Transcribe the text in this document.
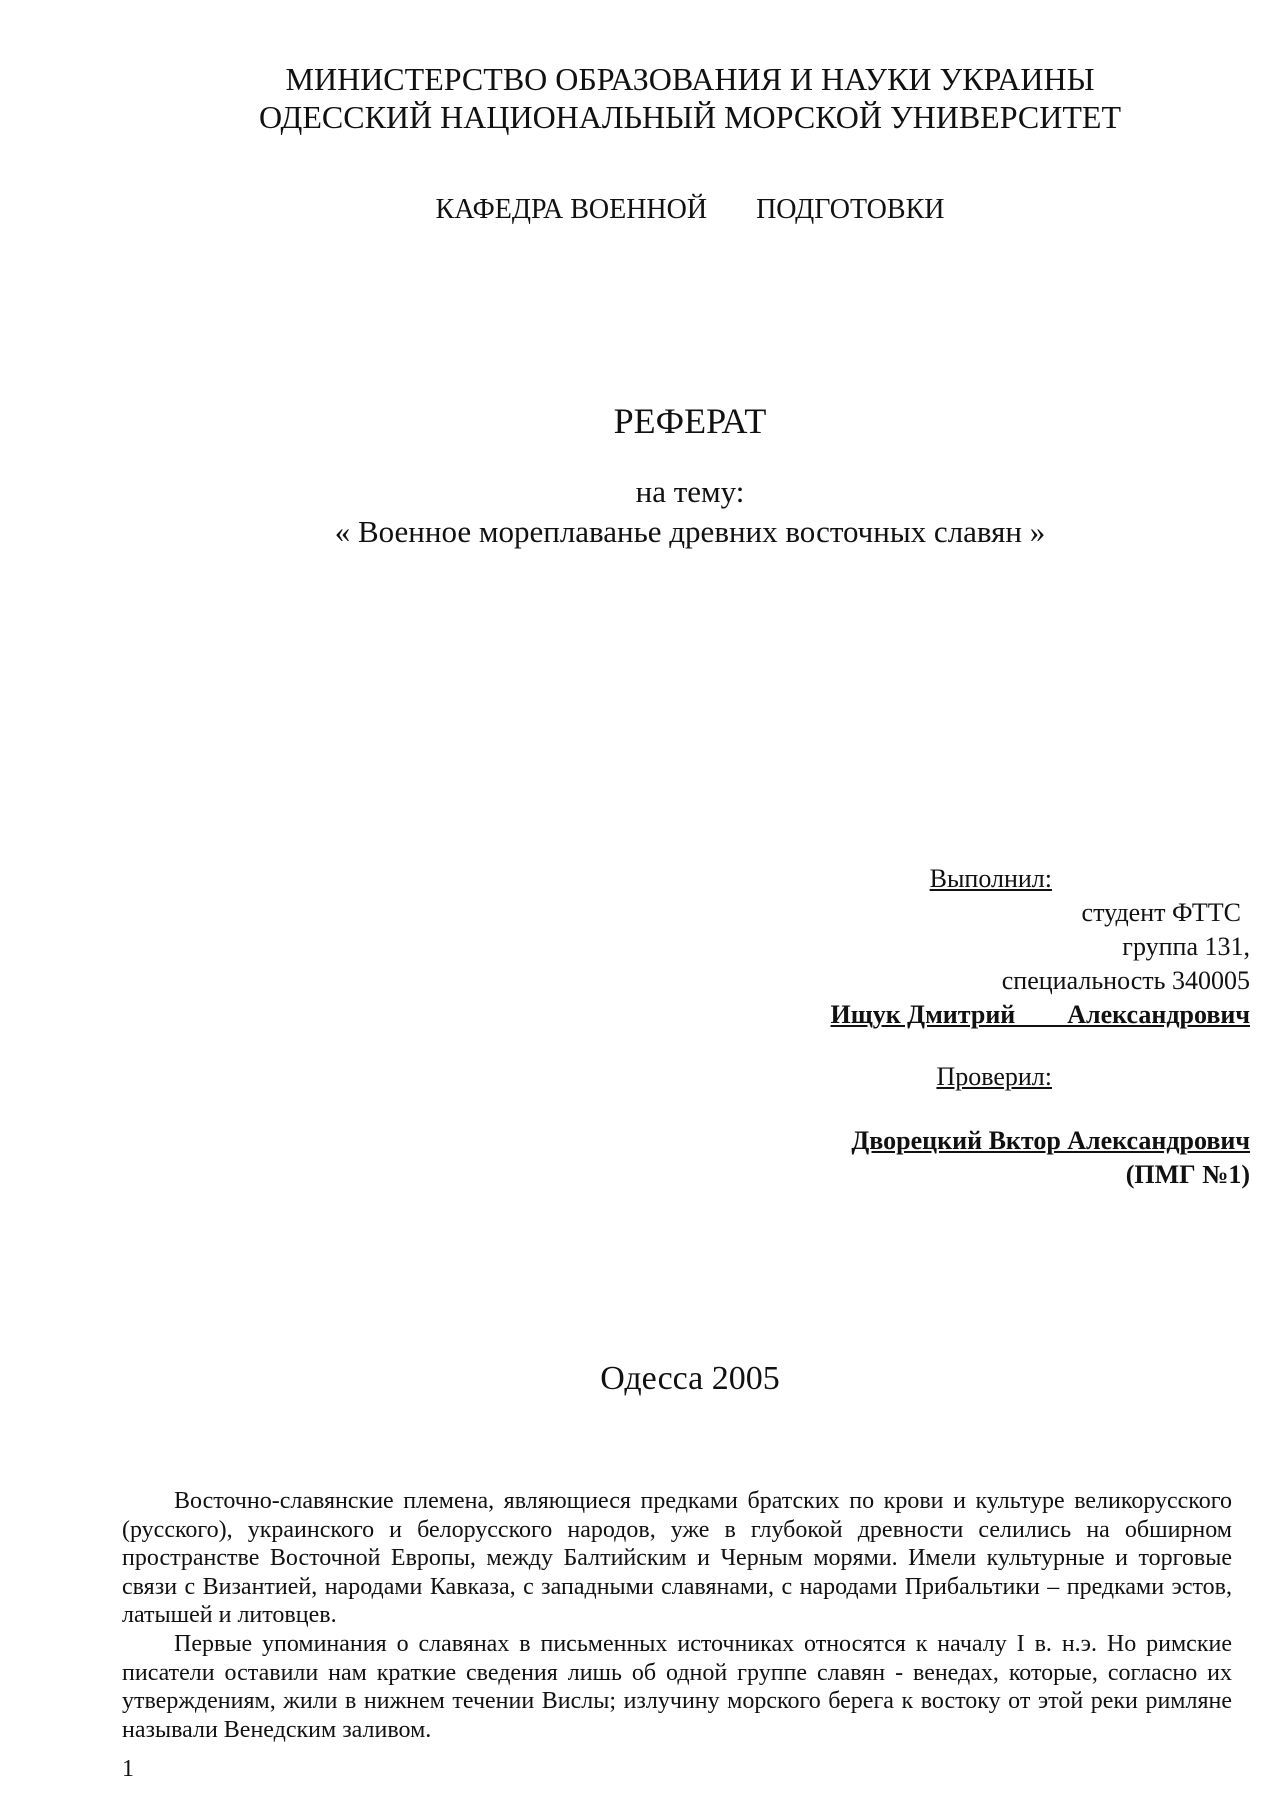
МИНИСТЕРСТВО ОБРАЗОВАНИЯ И НАУКИ УКРАИНЫ
ОДЕССКИЙ НАЦИОНАЛЬНЫЙ МОРСКОЙ УНИВЕРСИТЕТ
КАФЕДРА ВОЕННОЙ       ПОДГОТОВКИ
РЕФЕРАТ
на тему:
« Военное мореплаванье древних восточных славян »
Выполнил:
студент ФТТС
группа 131,
специальность 340005
Ищук Дмитрий        Александрович
Проверил:
Дворецкий Вктор Александрович
(ПМГ №1)
Одесса 2005

Восточно-славянские племена, являющиеся предками братских по крови и культуре великорусского (русского), украинского и белорусского народов, уже в глубокой древности селились на обширном пространстве Восточной Европы, между Балтийским и Черным морями. Имели культурные и торговые связи с Византией, народами Кавказа, с западными славянами, с народами Прибальтики – предками эстов, латышей и литовцев.

Первые упоминания о славянах в письменных источниках относятся к началу I в. н.э. Но римские писатели оставили нам краткие сведения лишь об одной группе славян - венедах, которые, согласно их утверждениям, жили в нижнем течении Вислы; излучину морского берега к востоку от этой реки римляне называли Венедским заливом.

1
